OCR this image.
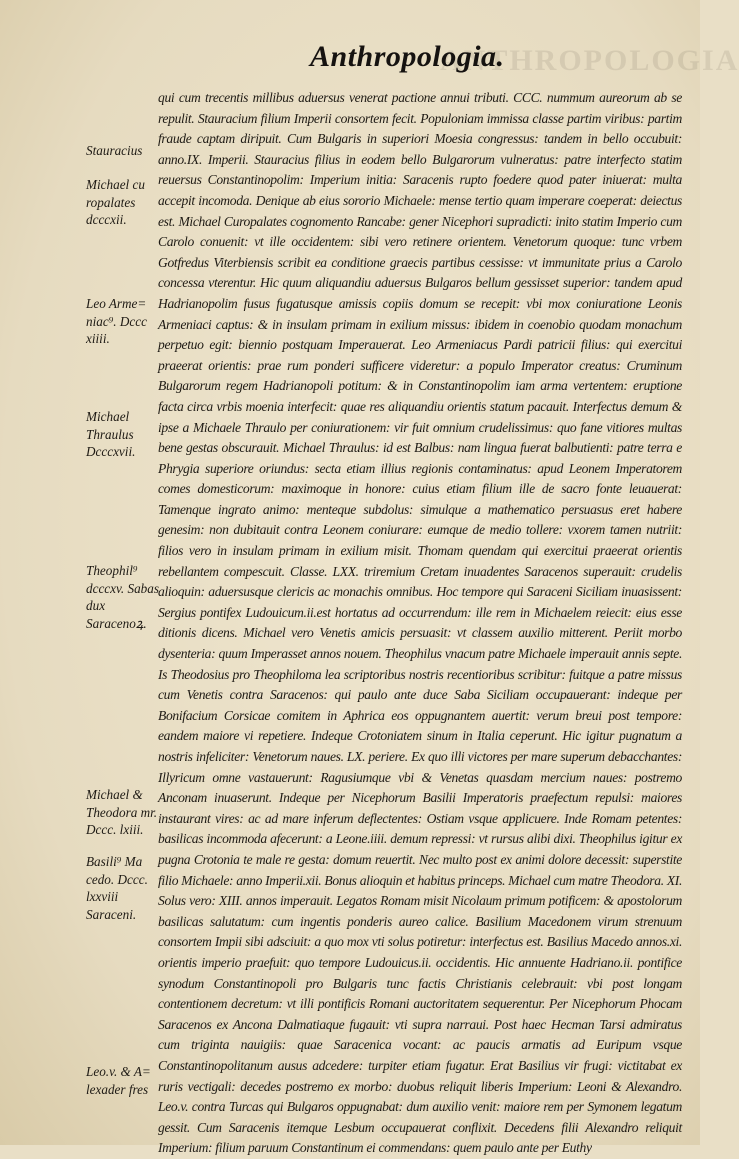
ANTHROPOLOGIA
Anthropologia.
qui cum trecentis millibus aduersus venerat pactione annui tributi. CCC. nummum aureorum ab se repulit. Stauracium filium Imperii consortem fecit. Populoniam immissa classe partim viribus: partim fraude captam diripuit. Cum Bulgaris in superiori Moesia congressus: tandem in bello occubuit: anno.IX. Imperii. Stauracius filius in eodem bello Bulgarorum vulneratus: patre interfecto statim reuersus Constantinopolim: Imperium initia: Saracenis rupto foedere quod pater iniuerat: multa accepit incomoda. Denique ab eius sororio Michaele: mense tertio quam imperare coeperat: deiectus est. Michael Curopalates cognomento Rancabe: gener Nicephori supradicti: inito statim Imperio cum Carolo conuenit: vt ille occidentem: sibi vero retinere orientem. Venetorum quoque: tunc vrbem Gotfredus Viterbiensis scribit ea conditione graecis partibus cessisse: vt immunitate prius a Carolo concessa vterentur. Hic quum aliquandiu aduersus Bulgaros bellum gessisset superior: tandem apud Hadrianopolim fusus fugatusque amissis copiis domum se recepit: vbi mox coniuratione Leonis Armeniaci captus: & in insulam primam in exilium missus: ibidem in coenobio quodam monachum perpetuo egit: biennio postquam Imperauerat. Leo Armeniacus Pardi patricii filius: qui exercitui praeerat orientis: prae rum ponderi sufficere videretur: a populo Imperator creatus: Cruminum Bulgarorum regem Hadrianopoli potitum: & in Constantinopolim iam arma vertentem: eruptione facta circa vrbis moenia interfecit: quae res aliquandiu orientis statum pacauit. Interfectus demum & ipse a Michaele Thraulo per coniurationem: vir fuit omnium crudelissimus: quo fane vitiores multas bene gestas obscurauit. Michael Thraulus: id est Balbus: nam lingua fuerat balbutienti: patre terra e Phrygia superiore oriundus: secta etiam illius regionis contaminatus: apud Leonem Imperatorem comes domesticorum: maximoque in honore: cuius etiam filium ille de sacro fonte leuauerat: Tamenque ingrato animo: menteque subdolus: simulque a mathematico persuasus eret habere genesim: non dubitauit contra Leonem coniurare: eumque de medio tollere: vxorem tamen nutriit: filios vero in insulam primam in exilium misit. Thomam quendam qui exercitui praeerat orientis rebellantem compescuit. Classe. LXX. triremium Cretam inuadentes Saracenos superauit: crudelis alioquin: aduersusque clericis ac monachis omnibus. Hoc tempore qui Saraceni Siciliam inuasissent: Sergius pontifex Ludouicum.ii.est hortatus ad occurrendum: ille rem in Michaelem reiecit: eius esse ditionis dicens. Michael vero Venetis amicis persuasit: vt classem auxilio mitterent. Periit morbo dysenteria: quum Imperasset annos nouem. Theophilus vnacum patre Michaele imperauit annis septe. Is Theodosius pro Theophiloma lea scriptoribus nostris recentioribus scribitur: fuitque a patre missus cum Venetis contra Saracenos: qui paulo ante duce Saba Siciliam occupauerant: indeque per Bonifacium Corsicae comitem in Aphrica eos oppugnantem auertit: verum breui post tempore: eandem maiore vi repetiere. Indeque Crotoniatem sinum in Italia ceperunt. Hic igitur pugnatum a nostris infeliciter: Venetorum naues. LX. periere. Ex quo illi victores per mare superum debacchantes: Illyricum omne vastauerunt: Ragusiumque vbi & Venetas quasdam mercium naues: postremo Anconam inuaserunt. Indeque per Nicephorum Basilii Imperatoris praefectum repulsi: maiores instaurant vires: ac ad mare inferum deflectentes: Ostiam vsque applicuere. Inde Romam petentes: basilicas incommoda afecerunt: a Leone.iiii. demum repressi: vt rursus alibi dixi. Theophilus igitur ex pugna Crotonia te male re gesta: domum reuertit. Nec multo post ex animi dolore decessit: superstite filio Michaele: anno Imperii.xii. Bonus alioquin et habitus princeps. Michael cum matre Theodora. XI. Solus vero: XIII. annos imperauit. Legatos Romam misit Nicolaum primum potificem: & apostolorum basilicas salutatum: cum ingentis ponderis aureo calice. Basilium Macedonem virum strenuum consortem Impii sibi adsciuit: a quo mox vti solus potiretur: interfectus est. Basilius Macedo annos.xi. orientis imperio praefuit: quo tempore Ludouicus.ii. occidentis. Hic annuente Hadriano.ii. pontifice synodum Constantinopoli pro Bulgaris tunc factis Christianis celebrauit: vbi post longam contentionem decretum: vt illi pontificis Romani auctoritatem sequerentur. Per Nicephorum Phocam Saracenos ex Ancona Dalmatiaque fugauit: vti supra narraui. Post haec Hecman Tarsi admiratus cum triginta nauigiis: quae Saracenica vocant: ac paucis armatis ad Euripum vsque Constantinopolitanum ausus adcedere: turpiter etiam fugatur. Erat Basilius vir frugi: victitabat ex ruris vectigali: decedes postremo ex morbo: duobus reliquit liberis Imperium: Leoni & Alexandro. Leo.v. contra Turcas qui Bulgaros oppugnabat: dum auxilio venit: maiore rem per Symonem legatum gessit. Cum Saracenis itemque Lesbum occupauerat conflixit. Decedens filii Alexandro reliquit Imperium: filium paruum Constantinum ei commendans: quem paulo ante per Euthy
Stauracius
Michael cu ropalates dcccxii.
Leo Arme= niac⁹. Dccc xiiii.
Michael Thraulus Dcccxvii.
Theophil⁹ dcccxv. Sabas dux Saracenoꝝ.
Michael & Theodora mr. Dccc. lxiii.
Basili⁹ Ma cedo. Dccc. lxxviii Saraceni.
Leo.v. & A= lexader fres
